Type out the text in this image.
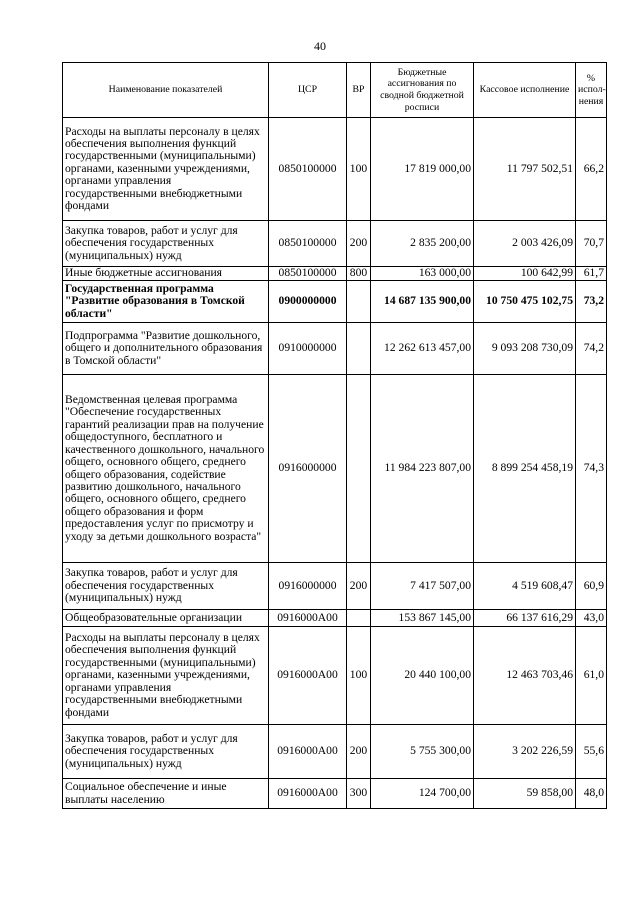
40
Наименование показателей	ЦСР	ВР	Бюджетные ассигнования по сводной бюджетной росписи	Кассовое исполнение	% испол-нения
Расходы на выплаты персоналу в целях обеспечения выполнения функций государственными (муниципальными) органами, казенными учреждениями, органами управления государственными внебюджетными фондами	0850100000	100	17 819 000,00	11 797 502,51	66,2
Закупка товаров, работ и услуг для обеспечения государственных (муниципальных) нужд	0850100000	200	2 835 200,00	2 003 426,09	70,7
Иные бюджетные ассигнования	0850100000	800	163 000,00	100 642,99	61,7
Государственная программа "Развитие образования в Томской области"	0900000000		14 687 135 900,00	10 750 475 102,75	73,2
Подпрограмма "Развитие дошкольного, общего и дополнительного образования в Томской области"	0910000000		12 262 613 457,00	9 093 208 730,09	74,2
Ведомственная целевая программа "Обеспечение государственных гарантий реализации прав на получение общедоступного, бесплатного и качественного дошкольного, начального общего, основного общего, среднего общего образования, содействие развитию дошкольного, начального общего, основного общего, среднего общего образования и форм предоставления услуг по присмотру и уходу за детьми дошкольного возраста"	0916000000		11 984 223 807,00	8 899 254 458,19	74,3
Закупка товаров, работ и услуг для обеспечения государственных (муниципальных) нужд	0916000000	200	7 417 507,00	4 519 608,47	60,9
Общеобразовательные организации	0916000А00		153 867 145,00	66 137 616,29	43,0
Расходы на выплаты персоналу в целях обеспечения выполнения функций государственными (муниципальными) органами, казенными учреждениями, органами управления государственными внебюджетными фондами	0916000А00	100	20 440 100,00	12 463 703,46	61,0
Закупка товаров, работ и услуг для обеспечения государственных (муниципальных) нужд	0916000А00	200	5 755 300,00	3 202 226,59	55,6
Социальное обеспечение и иные выплаты населению	0916000А00	300	124 700,00	59 858,00	48,0
